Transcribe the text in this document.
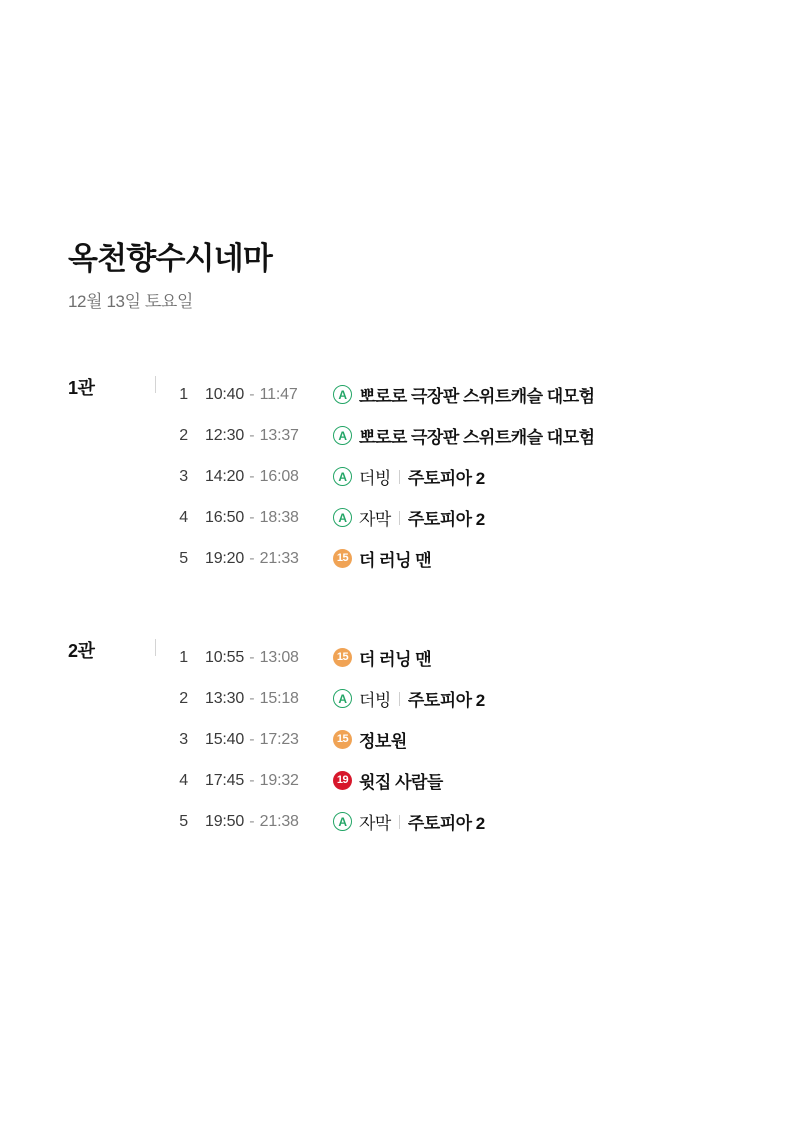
옥천향수시네마
12월 13일 토요일
1관	1 10:40 - 11:47	A 뽀로로 극장판 스위트캐슬 대모험
2 12:30 - 13:37	A 뽀로로 극장판 스위트캐슬 대모험
3 14:20 - 16:08	A 더빙 주토피아 2
4 16:50 - 18:38	A 자막 주토피아 2
5 19:20 - 21:33	15 더 러닝 맨
2관	1 10:55 - 13:08	15 더 러닝 맨
2 13:30 - 15:18	A 더빙 주토피아 2
3 15:40 - 17:23	15 정보원
4 17:45 - 19:32	19 윗집 사람들
5 19:50 - 21:38	A 자막 주토피아 2
